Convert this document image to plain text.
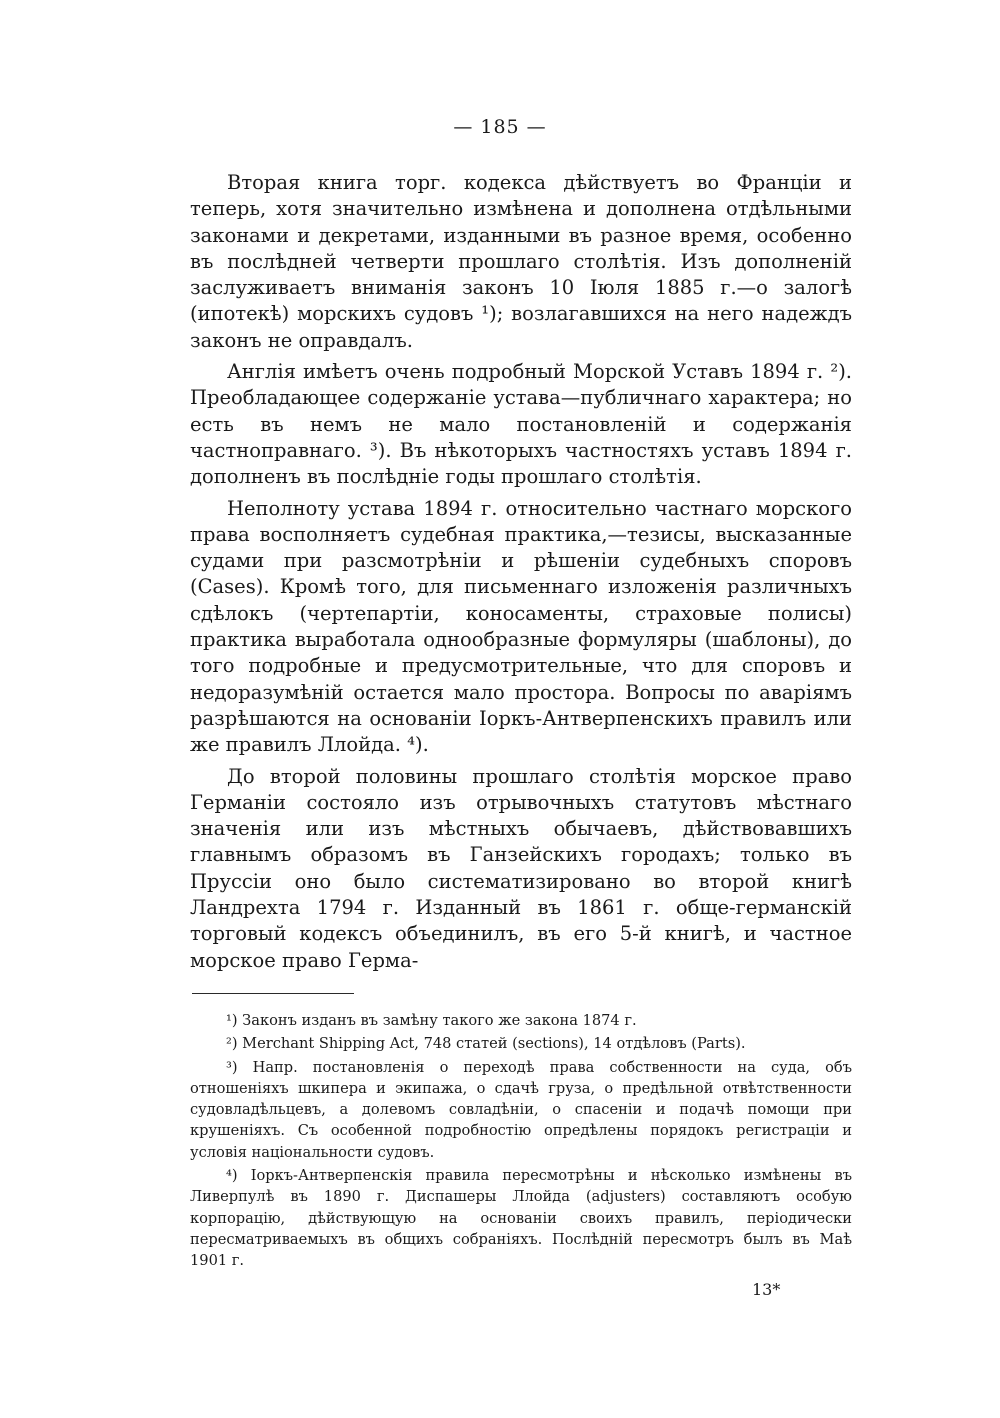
— 185 —

Вторая книга торг. кодекса дѣйствуетъ во Франціи и теперь, хотя значительно измѣнена и дополнена отдѣльными законами и декретами, изданными въ разное время, особенно въ послѣдней четверти прошлаго столѣтія. Изъ дополненій заслуживаетъ вниманія законъ 10 Іюля 1885 г.—о залогѣ (ипотекѣ) морскихъ судовъ ¹); возлагавшихся на него надеждъ законъ не оправдалъ.

Англія имѣетъ очень подробный Морской Уставъ 1894 г. ²). Преобладающее содержаніе устава—публичнаго характера; но есть въ немъ не мало постановленій и содержанія частноправнаго. ³). Въ нѣкоторыхъ частностяхъ уставъ 1894 г. дополненъ въ послѣдніе годы прошлаго столѣтія.

Неполноту устава 1894 г. относительно частнаго морского права восполняетъ судебная практика,—тезисы, высказанные судами при разсмотрѣніи и рѣшеніи судебныхъ споровъ (Cases). Кромѣ того, для письменнаго изложенія различныхъ сдѣлокъ (чертепартіи, коносаменты, страховые полисы) практика выработала однообразные формуляры (шаблоны), до того подробные и предусмотрительные, что для споровъ и недоразумѣній остается мало простора. Вопросы по аваріямъ разрѣшаются на основаніи Іоркъ-Антверпенскихъ правилъ или же правилъ Ллойда. ⁴).

До второй половины прошлаго столѣтія морское право Германіи состояло изъ отрывочныхъ статутовъ мѣстнаго значенія или изъ мѣстныхъ обычаевъ, дѣйствовавшихъ главнымъ образомъ въ Ганзейскихъ городахъ; только въ Пруссіи оно было систематизировано во второй книгѣ Ландрехта 1794 г. Изданный въ 1861 г. обще-германскій торговый кодексъ объединилъ, въ его 5-й книгѣ, и частное морское право Герма-

¹) Законъ изданъ въ замѣну такого же закона 1874 г.

²) Merchant Shipping Act, 748 статей (sections), 14 отдѣловъ (Parts).

³) Напр. постановленія о переходѣ права собственности на суда, объ отношеніяхъ шкипера и экипажа, о сдачѣ груза, о предѣльной отвѣтственности судовладѣльцевъ, а долевомъ совладѣніи, о спасеніи и подачѣ помощи при крушеніяхъ. Съ особенной подробностію опредѣлены порядокъ регистраціи и условія національности судовъ.

⁴) Іоркъ-Антверпенскія правила пересмотрѣны и нѣсколько измѣнены въ Ливерпулѣ въ 1890 г. Диспашеры Ллойда (adjusters) составляютъ особую корпорацію, дѣйствующую на основаніи своихъ правилъ, періодически пересматриваемыхъ въ общихъ собраніяхъ. Послѣдній пересмотръ былъ въ Маѣ 1901 г.

13*
